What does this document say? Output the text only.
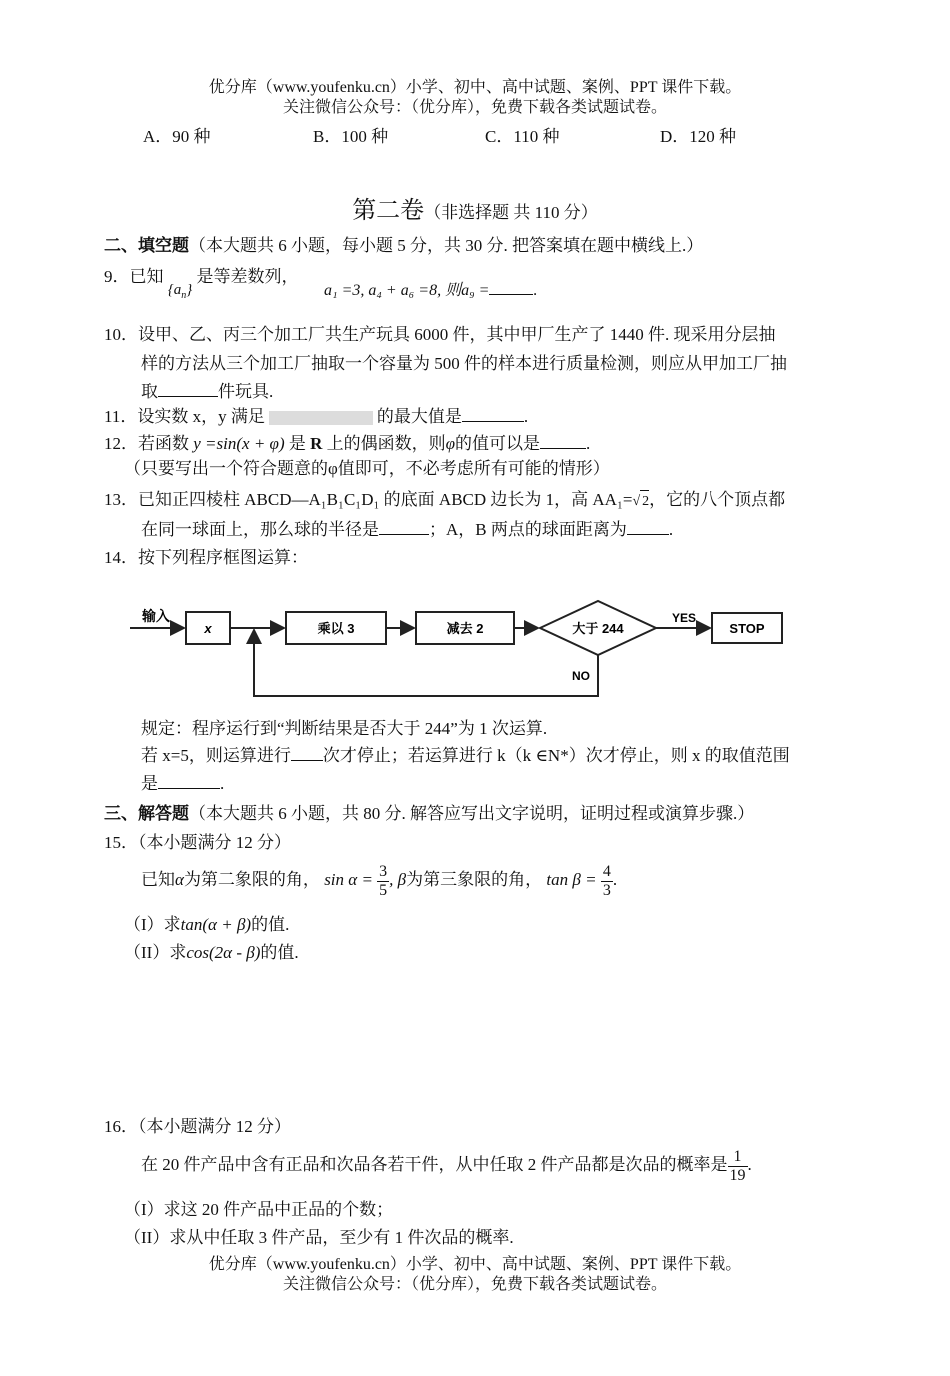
优分库（www.youfenku.cn）小学、初中、高中试题、案例、PPT 课件下载。
关注微信公众号：（优分库），免费下载各类试题试卷。
A．90 种	B．100 种	C．110 种	D．120 种
第二卷（非选择题 共 110 分）
二、填空题（本大题共 6 小题，每小题 5 分，共 30 分. 把答案填在题中横线上.）
9．已知 $\{a_n\}$ 是等差数列，
a₁ =3, a₄ + a₆ =8, 则a₉ =	.
10．设甲、乙、丙三个加工厂共生产玩具 6000 件，其中甲厂生产了 1440 件. 现采用分层抽
样的方法从三个加工厂抽取一个容量为 500 件的样本进行质量检测，则应从甲加工厂抽
取	件玩具.
11．设实数 x，y 满足	的最大值是	.
12．若函数 y =sin(x + φ) 是 R 上的偶函数，则φ的值可以是	.
（只要写出一个符合题意的φ值即可，不必考虑所有可能的情形）
13．已知正四棱柱 ABCD—A₁B₁C₁D₁ 的底面 ABCD 边长为 1，高 AA₁=√ 2，它的八个顶点都
在同一球面上，那么球的半径是	；A，B 两点的球面距离为 .
14．按下列程序框图运算：
输入
x	乘以 3	减去 2	大于 244
YES
STOP
NO
规定：程序运行到“判断结果是否大于 244”为 1 次运算.
若 x=5，则运算进行 次才停止；若运算进行 k（k ∈N*）次才停止，则 x 的取值范围
是	.
三、解答题（本大题共 6 小题，共 80 分. 解答应写出文字说明，证明过程或演算步骤.）
15．（本小题满分 12 分）
已知α为第二象限的角， $\sin \alpha = \frac{3}{5}$ , β为第三象限的角， $\tan \beta = \frac{4}{3}$ .
（I）求tan(α + β)的值.
（II）求cos(2α - β)的值.
16．（本小题满分 12 分）
在 20 件产品中含有正品和次品各若干件，从中任取 2 件产品都是次品的概率是 $\frac{1}{19}$ .
（I）求这 20 件产品中正品的个数；
（II）求从中任取 3 件产品，至少有 1 件次品的概率.
优分库（www.youfenku.cn）小学、初中、高中试题、案例、PPT 课件下载。
关注微信公众号：（优分库），免费下载各类试题试卷。
